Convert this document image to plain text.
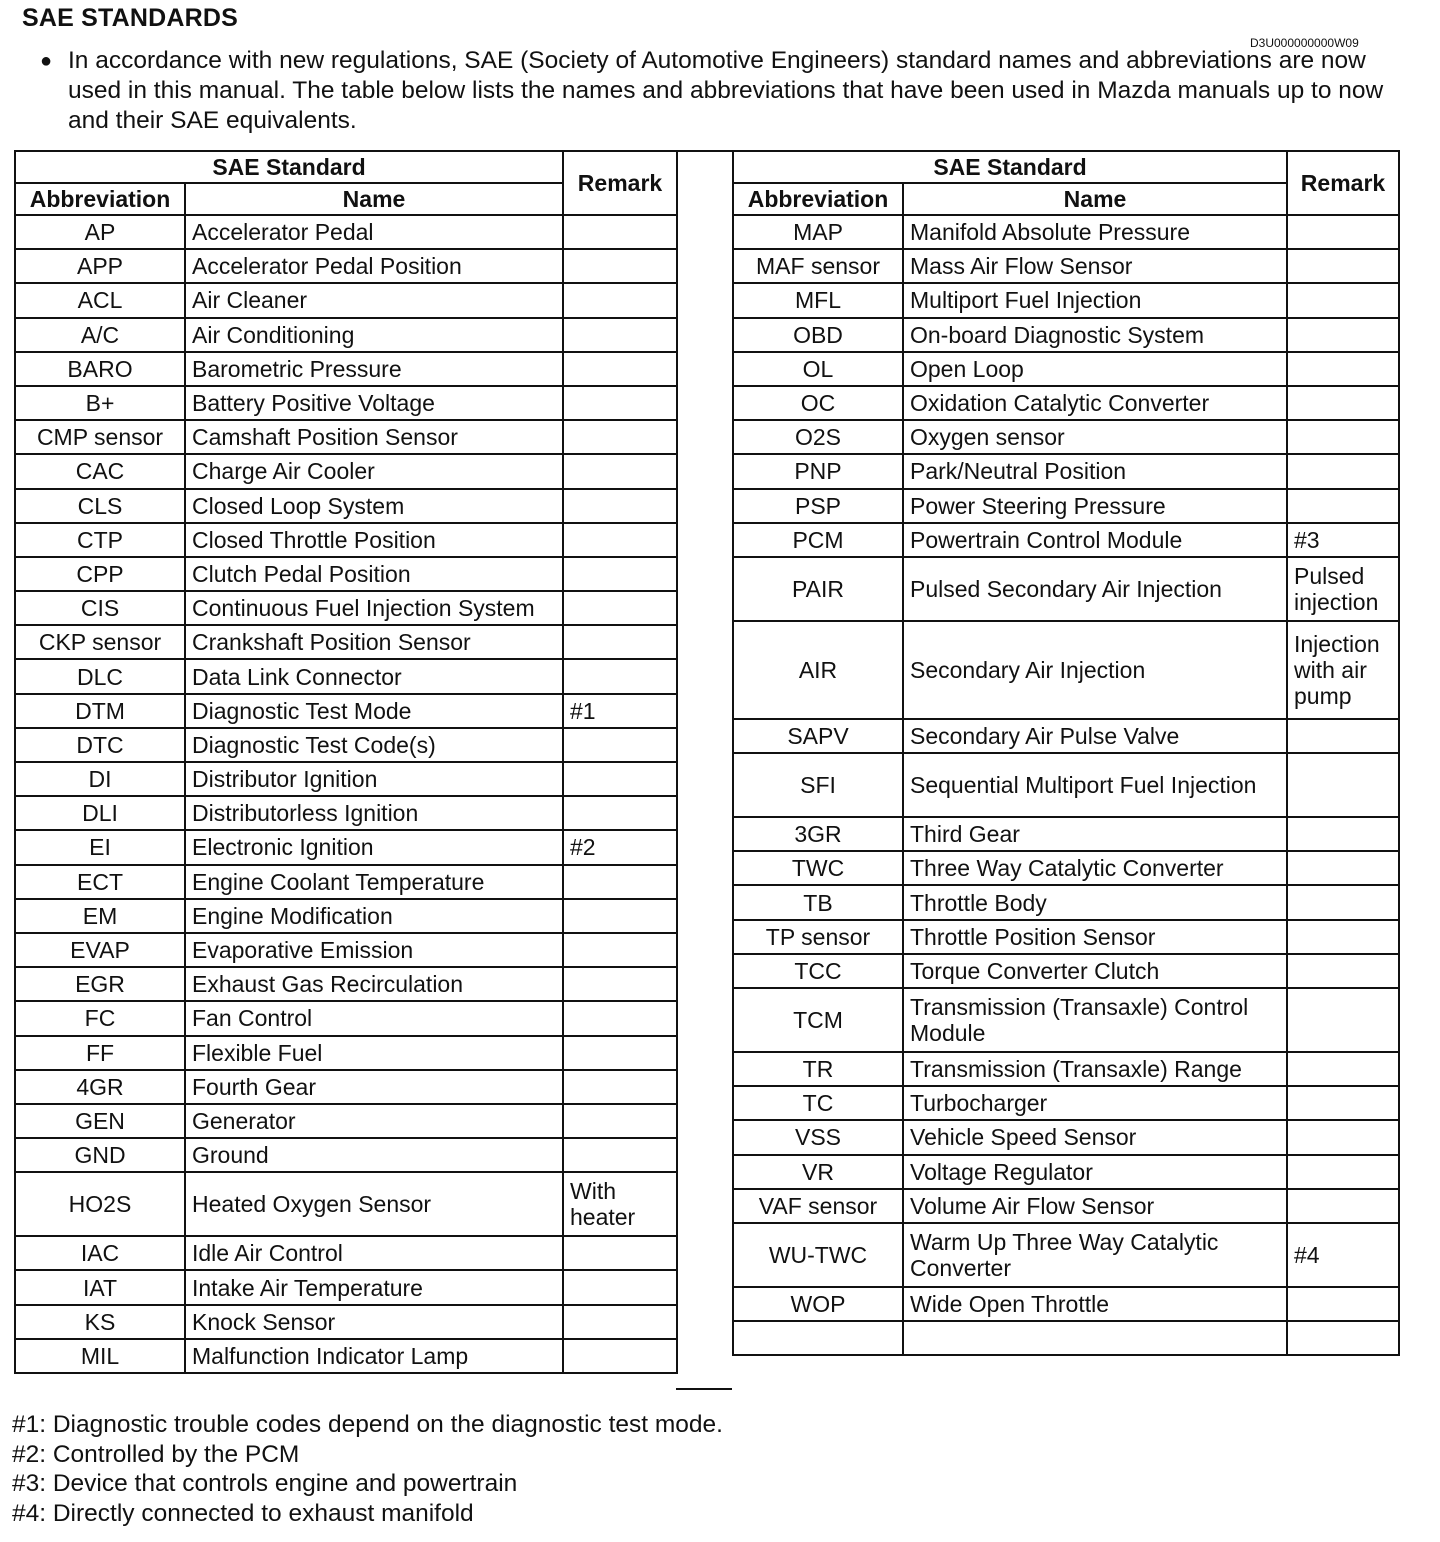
SAE STANDARDS
D3U000000000W09
● In accordance with new regulations, SAE (Society of Automotive Engineers) standard names and abbreviations are now used in this manual. The table below lists the names and abbreviations that have been used in Mazda manuals up to now and their SAE equivalents.
SAE Standard		Remark
Abbreviation	Name	
AP	Accelerator Pedal	
APP	Accelerator Pedal Position	
ACL	Air Cleaner	
A/C	Air Conditioning	
BARO	Barometric Pressure	
B+	Battery Positive Voltage	
CMP sensor	Camshaft Position Sensor	
CAC	Charge Air Cooler	
CLS	Closed Loop System	
CTP	Closed Throttle Position	
CPP	Clutch Pedal Position	
CIS	Continuous Fuel Injection System	
CKP sensor	Crankshaft Position Sensor	
DLC	Data Link Connector	
DTM	Diagnostic Test Mode	#1
DTC	Diagnostic Test Code(s)	
DI	Distributor Ignition	
DLI	Distributorless Ignition	
EI	Electronic Ignition	#2
ECT	Engine Coolant Temperature	
EM	Engine Modification	
EVAP	Evaporative Emission	
EGR	Exhaust Gas Recirculation	
FC	Fan Control	
FF	Flexible Fuel	
4GR	Fourth Gear	
GEN	Generator	
GND	Ground	
HO2S	Heated Oxygen Sensor	With heater
IAC	Idle Air Control	
IAT	Intake Air Temperature	
KS	Knock Sensor	
MIL	Malfunction Indicator Lamp	
SAE Standard		Remark
Abbreviation	Name	
MAP	Manifold Absolute Pressure	
MAF sensor	Mass Air Flow Sensor	
MFL	Multiport Fuel Injection	
OBD	On-board Diagnostic System	
OL	Open Loop	
OC	Oxidation Catalytic Converter	
O2S	Oxygen sensor	
PNP	Park/Neutral Position	
PSP	Power Steering Pressure	
PCM	Powertrain Control Module	#3
PAIR	Pulsed Secondary Air Injection	Pulsed injection
AIR	Secondary Air Injection	Injection with air pump
SAPV	Secondary Air Pulse Valve	
SFI	Sequential Multiport Fuel Injection	
3GR	Third Gear	
TWC	Three Way Catalytic Converter	
TB	Throttle Body	
TP sensor	Throttle Position Sensor	
TCC	Torque Converter Clutch	
TCM	Transmission (Transaxle) Control Module	
TR	Transmission (Transaxle) Range	
TC	Turbocharger	
VSS	Vehicle Speed Sensor	
VR	Voltage Regulator	
VAF sensor	Volume Air Flow Sensor	
WU-TWC	Warm Up Three Way Catalytic Converter	#4
WOP	Wide Open Throttle	

#1: Diagnostic trouble codes depend on the diagnostic test mode.
#2: Controlled by the PCM
#3: Device that controls engine and powertrain
#4: Directly connected to exhaust manifold
